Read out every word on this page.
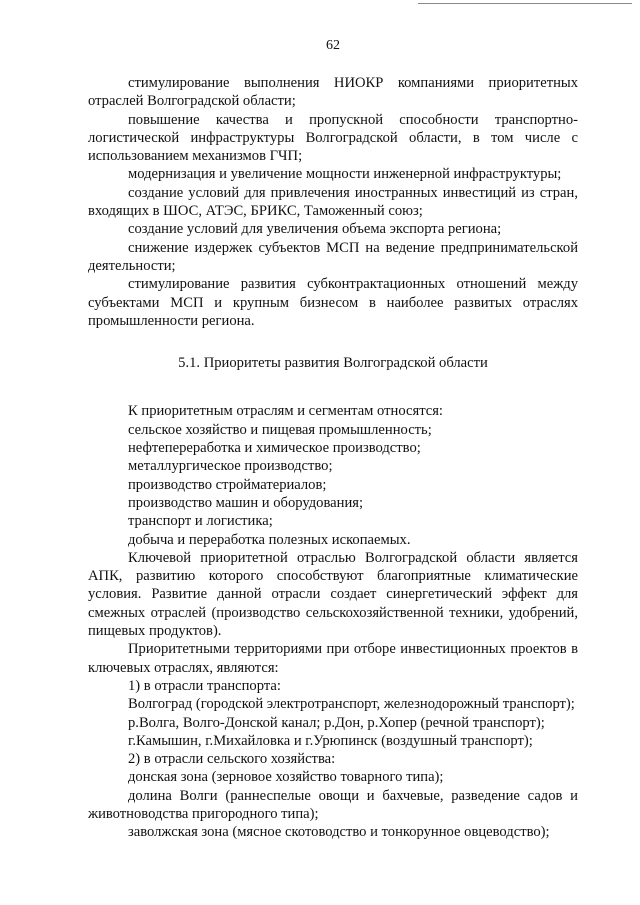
62

стимулирование выполнения НИОКР компаниями приоритетных отраслей Волгоградской области;

повышение качества и пропускной способности транспортно-логистической инфраструктуры Волгоградской области, в том числе с использованием механизмов ГЧП;

модернизация и увеличение мощности инженерной инфраструктуры;

создание условий для привлечения иностранных инвестиций из стран, входящих в ШОС, АТЭС, БРИКС, Таможенный союз;

создание условий для увеличения объема экспорта региона;

снижение издержек субъектов МСП на ведение предпринимательской деятельности;

стимулирование развития субконтрактационных отношений между субъектами МСП и крупным бизнесом в наиболее развитых отраслях промышленности региона.

5.1. Приоритеты развития Волгоградской области

К приоритетным отраслям и сегментам относятся:

сельское хозяйство и пищевая промышленность;

нефтепереработка и химическое производство;

металлургическое производство;

производство стройматериалов;

производство машин и оборудования;

транспорт и логистика;

добыча и переработка полезных ископаемых.

Ключевой приоритетной отраслью Волгоградской области является АПК, развитию которого способствуют благоприятные климатические условия. Развитие данной отрасли создает синергетический эффект для смежных отраслей (производство сельскохозяйственной техники, удобрений, пищевых продуктов).

Приоритетными территориями при отборе инвестиционных проектов в ключевых отраслях, являются:

1) в отрасли транспорта:

Волгоград (городской электротранспорт, железнодорожный транспорт);

р.Волга, Волго-Донской канал; р.Дон, р.Хопер (речной транспорт);

г.Камышин, г.Михайловка и г.Урюпинск (воздушный транспорт);

2) в отрасли сельского хозяйства:

донская зона (зерновое хозяйство товарного типа);

долина Волги (раннеспелые овощи и бахчевые, разведение садов и животноводства пригородного типа);

заволжская зона (мясное скотоводство и тонкорунное овцеводство);
